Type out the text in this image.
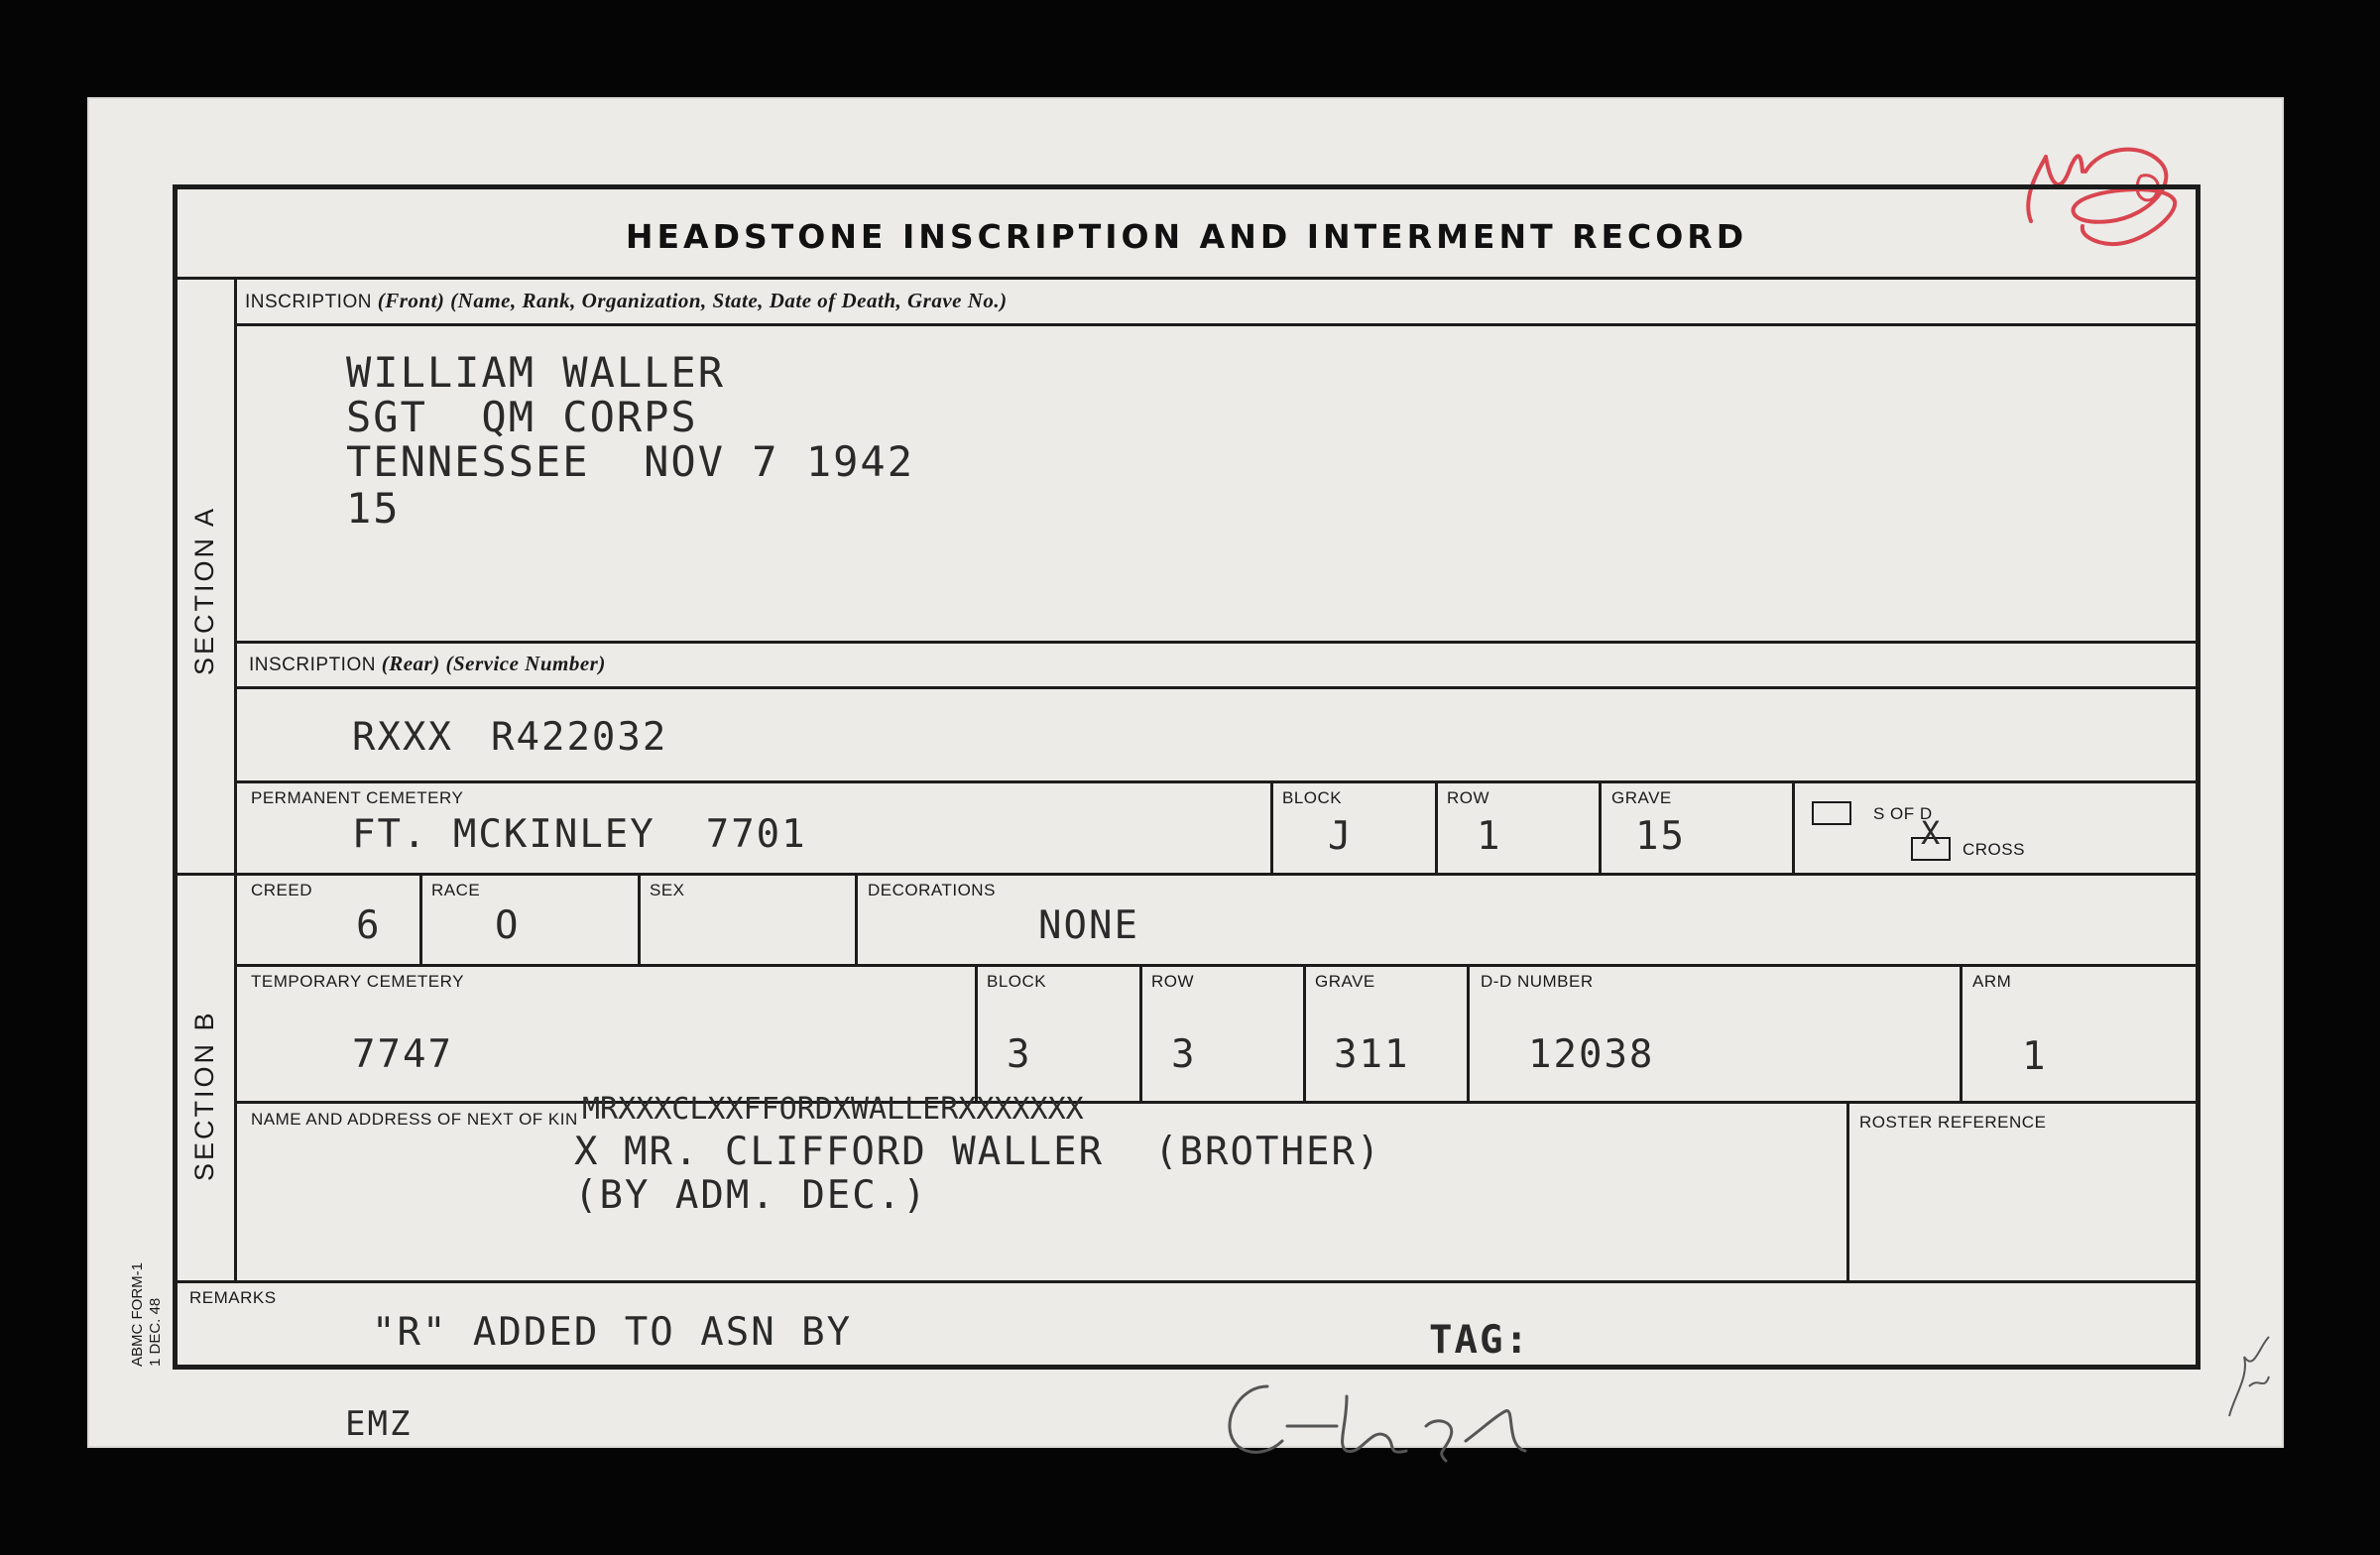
HEADSTONE INSCRIPTION AND INTERMENT RECORD
SECTION A
SECTION B
INSCRIPTION (Front) (Name, Rank, Organization, State, Date of Death, Grave No.)
WILLIAM WALLER
SGT  QM CORPS
TENNESSEE  NOV 7 1942
15
INSCRIPTION (Rear) (Service Number)
RXXX R422032
PERMANENT CEMETERY
FT. MCKINLEY  7701
BLOCK
J
ROW
1
GRAVE
15
S OF D
X CROSS
CREED
6
RACE
O
SEX	DECORATIONS
NONE
TEMPORARY CEMETERY
7747
BLOCK
3
ROW
3
GRAVE
311
D-D NUMBER
12038
ARM
1
NAME AND ADDRESS OF NEXT OF KIN MRXXXCLXXFFORDXWALLERXXXXXXX
X MR. CLIFFORD WALLER  (BROTHER)
(BY ADM. DEC.)
ROSTER REFERENCE
REMARKS
"R" ADDED TO ASN BY	TAG:
ABMC FORM-1 1 DEC. 48
EMZ
